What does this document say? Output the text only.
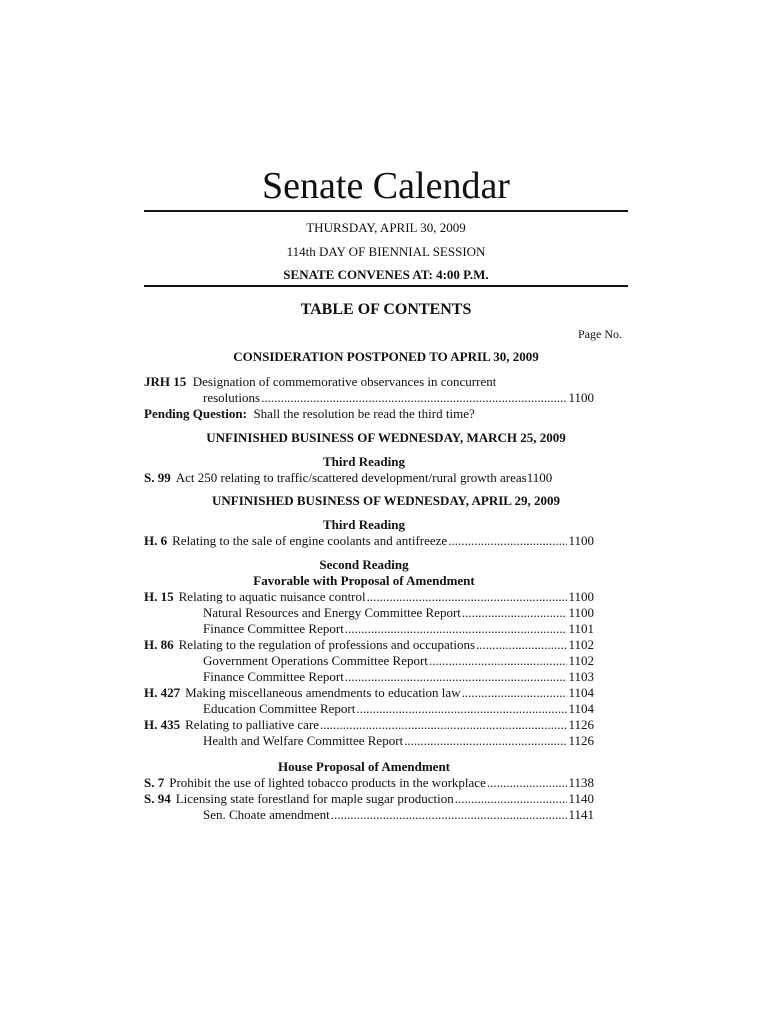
Senate Calendar
THURSDAY, APRIL 30, 2009
114th DAY OF BIENNIAL SESSION
SENATE CONVENES AT: 4:00 P.M.
TABLE OF CONTENTS
Page No.
CONSIDERATION POSTPONED TO APRIL 30, 2009
JRH 15 Designation of commemorative observances in concurrent
resolutions .....	1100
Pending Question: Shall the resolution be read the third time?
UNFINISHED BUSINESS OF WEDNESDAY, MARCH 25, 2009
Third Reading
S. 99 Act 250 relating to traffic/scattered development/rural growth areas 1100
UNFINISHED BUSINESS OF WEDNESDAY, APRIL 29, 2009
Third Reading
H. 6 Relating to the sale of engine coolants and antifreeze .....	1100
Second Reading
Favorable with Proposal of Amendment
H. 15 Relating to aquatic nuisance control .....	1100
Natural Resources and Energy Committee Report .....	1100
Finance Committee Report .....	1101
H. 86 Relating to the regulation of professions and occupations .....	1102
Government Operations Committee Report .....	1102
Finance Committee Report .....	1103
H. 427 Making miscellaneous amendments to education law .....	1104
Education Committee Report .....	1104
H. 435 Relating to palliative care .....	1126
Health and Welfare Committee Report .....	1126
House Proposal of Amendment
S. 7 Prohibit the use of lighted tobacco products in the workplace .....	1138
S. 94 Licensing state forestland for maple sugar production .....	1140
Sen. Choate amendment .....	1141
